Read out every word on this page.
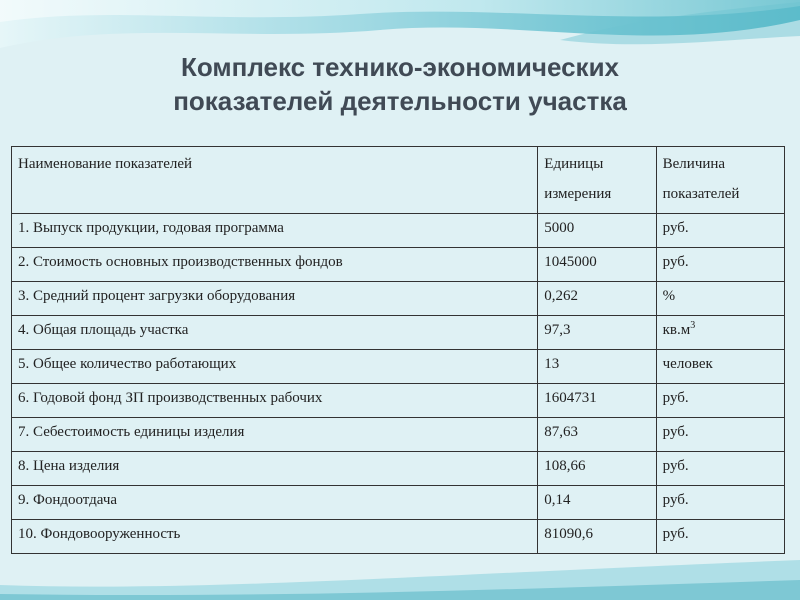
Комплекс технико-экономических
показателей деятельности участка
Наименование показателей	Единицы измерения	Величина показателей
1. Выпуск продукции, годовая программа	5000	руб.
2. Стоимость основных производственных фондов	1045000	руб.
3. Средний процент загрузки оборудования	0,262	%
4. Общая площадь участка	97,3	$кв.м^3$
5. Общее количество работающих	13	человек
6. Годовой фонд ЗП производственных рабочих	1604731	руб.
7. Себестоимость единицы изделия	87,63	руб.
8. Цена изделия	108,66	руб.
9. Фондоотдача	0,14	руб.
10. Фондовооруженность	81090,6	руб.
